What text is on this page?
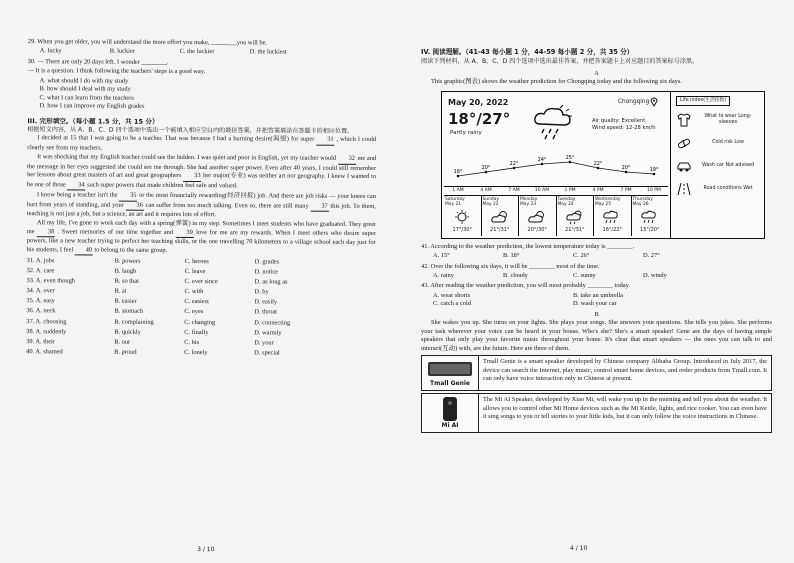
29. When you get older, you will understand the more effort you make, ________you will be.
A. lucky	B. luckier	C. the luckier	D. the luckiest
30. — There are only 20 days left. I wonder ________.
— It is a question. I think following the teachers' steps is a good way.
A. what should I do with my study
B. how should I deal with my study
C. what I can learn from the teachers
D. how I can improve my English grades
III. 完形填空。（每小题 1.5 分，共 15 分）
根据短文内容，从 A、B、C、D 四个选项中选出一个能填入相应空白内的最佳答案，并把答案填涂在答题卡的相应位置。
I decided at 15 that I was going to be a teacher. That was because I had a burning desire(渴望) for super 31 , which I could clearly see from my teachers.
It was shocking that my English teacher could see the hidden. I was quiet and poor in English, yet my teacher would 32 me and the message in her eyes suggested she could see me through. She had another super power. Even after 40 years, I could still remember her lessons about great masters of art and great geographers 33 her major(专业) was neither art nor geography. I knew I wanted to be one of those 34 such super powers that made children feel safe and valued.
I know being a teacher isn't the 35 or the most financially rewarding(经济回报) job. And there are job risks — your knees can hurt from years of standing, and your 36 can suffer from too much talking. Even so, there are still many 37 this job. To them, teaching is not just a job, but a science, an art and it requires lots of effort.
All my life, I've gone to work each day with a spring(弹簧) in my step. Sometimes I meet students who have graduated. They greet me 38 . Sweet memories of our time together and 39 love for me are my rewards. When I meet others who desire super powers, like a new teacher trying to perfect her teaching skills, or the one travelling 70 kilometers to a village school each day just for his students, I feel 40 to belong to the same group.
31. A. jobs	B. powers	C. heroes	D. grades
32. A. care	B. laugh	C. leave	D. notice
33. A. even though	B. so that	C. ever since	D. as long as
34. A. over	B. at	C. with	D. by
35. A. easy	B. easier	C. easiest	D. easily
36. A. neck	B. stomach	C. eyes	D. throat
37. A. choosing	B. complaining	C. changing	D. connecting
38. A. suddenly	B. quickly	C. finally	D. warmly
39. A. their	B. our	C. his	D. your
40. A. shamed	B. proud	C. lonely	D. special
3 / 10
IV. 阅读理解。（41-43 每小题 1 分，44-59 每小题 2 分，共 35 分）
阅读下列材料，从 A、B、C、D 四个选项中选出最佳答案，并把答案题卡上对应题目的答案标号涂黑。
A
This graphic(图表) shows the weather prediction for Chongqing today and the following six days.
May 20, 2022
18°/27°
Partly rainy
Chongqing
Air quality: Excellent
Wind speed: 12-28 km/h
18°
20°
22°
24°	25°
22°
20°	19°
1 AM	4 AM	7 AM	10 AM	1 PM	4 PM	7 PM	10 PM
Saturday
May 21
17°/30°
Sunday
May 22
21°/31°
Monday
May 23
20°/30°
Tuesday
May 24
21°/31°
Wednesday
May 25
16°/22°
Thursday
May 26
15°/20°
Life index(生活指数)
What to wear Long-sleeves
Cold risk Low
Wash car Not advised
Road conditions Wet
41. According to the weather prediction, the lowest temperature today is ________.
A. 15°	B. 18°	C. 26°	D. 27°
42. Over the following six days, it will be ________ most of the time.
A. rainy	B. cloudy	C. sunny	D. windy
43. After reading the weather prediction, you will most probably ________ today.
A. wear shorts	B. take an umbrella
C. catch a cold	D. wash your car
B
She wakes you up. She turns on your lights. She plays your songs. She answers your questions. She tells you jokes. She performs your task wherever your voice can be heard in your house. Who's she? She's a smart speaker! Gene are the days of having simple speakers that only play your favorite music throughout your home. It's clear that smart speakers — the ones you can talk to and interact(互动) with, are the future. Here are three of them.
Tmall Genie
Tmall Genie is a smart speaker developed by Chinese company Alibaba Group. Introduced in July 2017, the device can search the Internet, play music, control smart home devices, and order products from Tmall.com. It can only have voice interaction only in Chinese at present.
Mi AI
The Mi AI Speaker, developed by Xiao Mi, will wake you up in the morning and tell you about the weather. It allows you to control other Mi Home devices such as the Mi Kettle, lights, and rice cooker. You can even have it sing songs to you or tell stories to your little kids, but it can only follow the voice instructions in Chinese.
4 / 10
